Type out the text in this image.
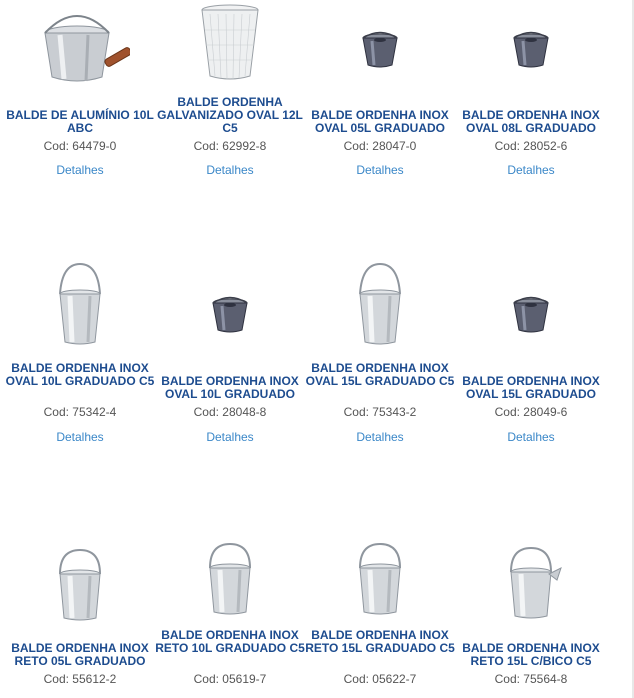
BALDE DE ALUMÍNIO 10L ABC
Cod: 64479-0
Detalhes
BALDE ORDENHA GALVANIZADO OVAL 12L C5
Cod: 62992-8
Detalhes
BALDE ORDENHA INOX OVAL 05L GRADUADO
Cod: 28047-0
Detalhes
BALDE ORDENHA INOX OVAL 08L GRADUADO
Cod: 28052-6
Detalhes
BALDE ORDENHA INOX OVAL 10L GRADUADO C5
Cod: 75342-4
Detalhes
BALDE ORDENHA INOX OVAL 10L GRADUADO
Cod: 28048-8
Detalhes
BALDE ORDENHA INOX OVAL 15L GRADUADO C5
Cod: 75343-2
Detalhes
BALDE ORDENHA INOX OVAL 15L GRADUADO
Cod: 28049-6
Detalhes
BALDE ORDENHA INOX RETO 05L GRADUADO
Cod: 55612-2
BALDE ORDENHA INOX RETO 10L GRADUADO C5
Cod: 05619-7
BALDE ORDENHA INOX RETO 15L GRADUADO C5
Cod: 05622-7
BALDE ORDENHA INOX RETO 15L C/BICO C5
Cod: 75564-8
